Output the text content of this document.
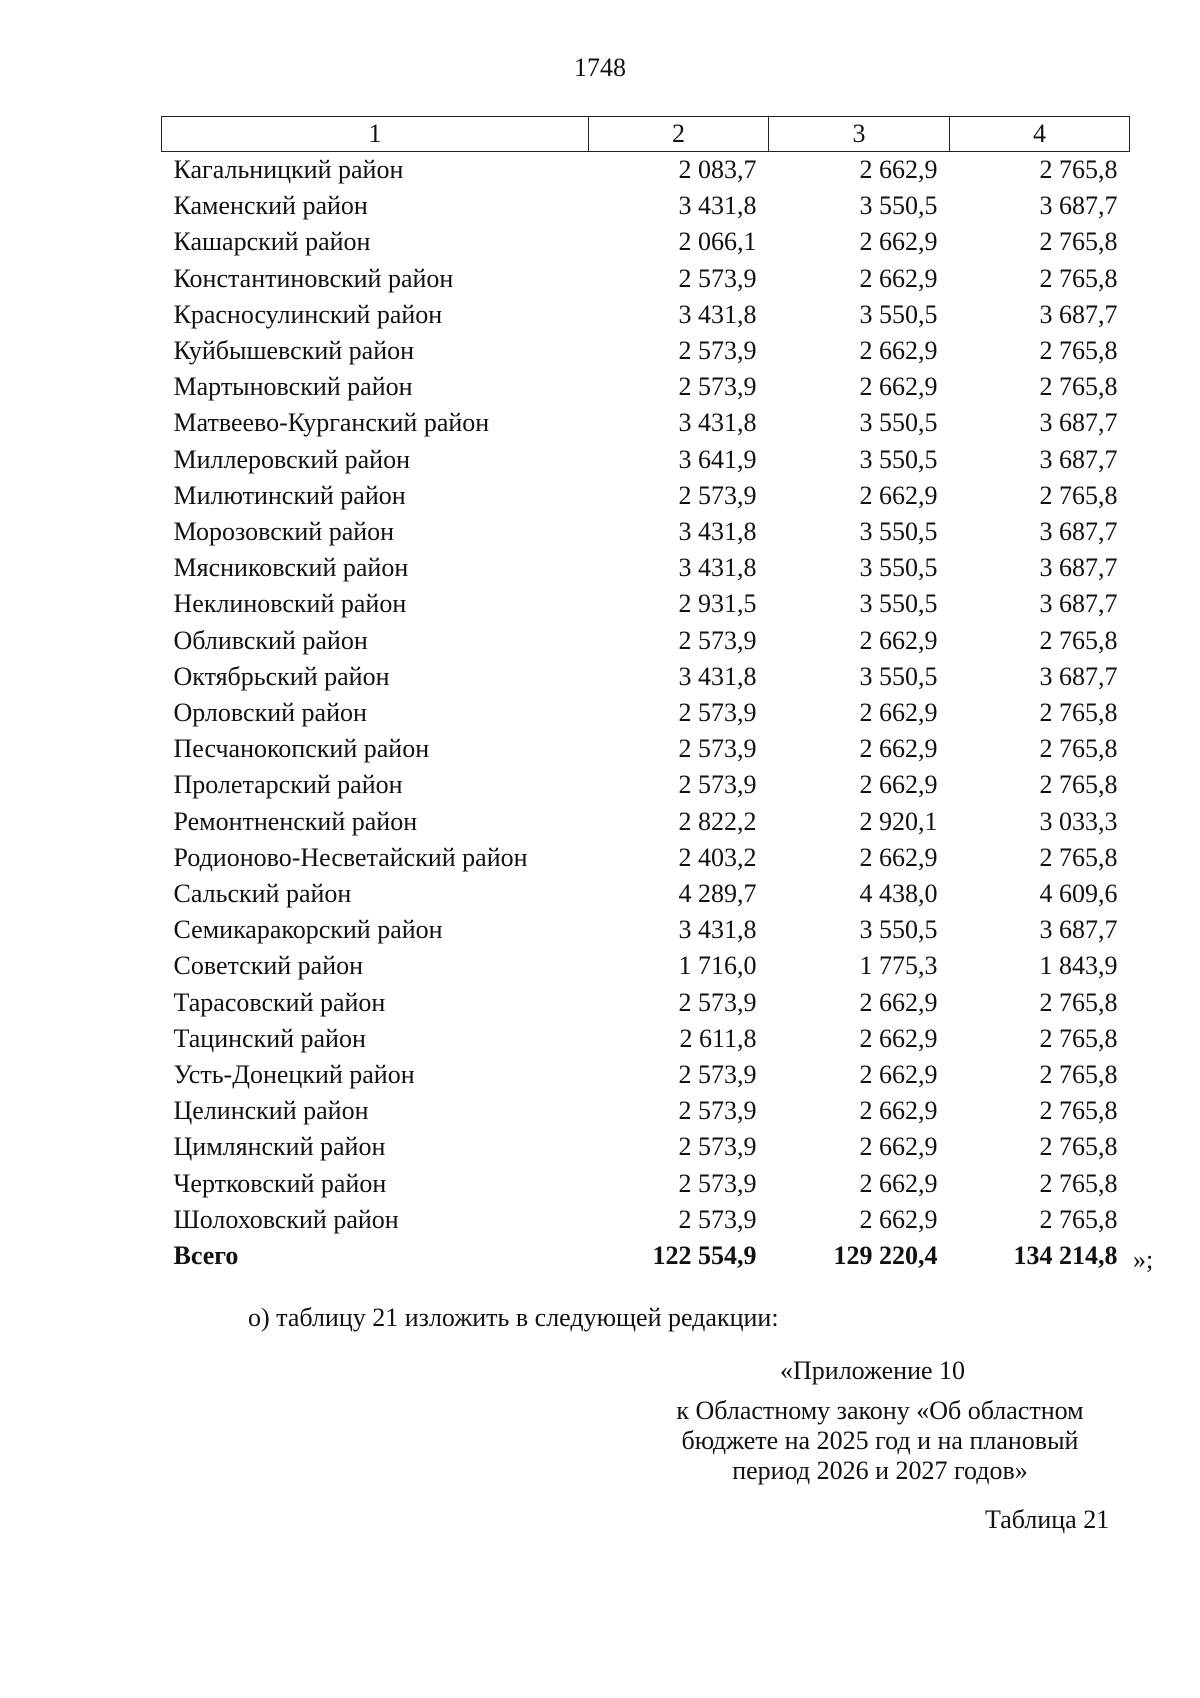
1748
1	2	3	4
Кагальницкий район	2 083,7	2 662,9	2 765,8
Каменский район	3 431,8	3 550,5	3 687,7
Кашарский район	2 066,1	2 662,9	2 765,8
Константиновский район	2 573,9	2 662,9	2 765,8
Красносулинский район	3 431,8	3 550,5	3 687,7
Куйбышевский район	2 573,9	2 662,9	2 765,8
Мартыновский район	2 573,9	2 662,9	2 765,8
Матвеево-Курганский район	3 431,8	3 550,5	3 687,7
Миллеровский район	3 641,9	3 550,5	3 687,7
Милютинский район	2 573,9	2 662,9	2 765,8
Морозовский район	3 431,8	3 550,5	3 687,7
Мясниковский район	3 431,8	3 550,5	3 687,7
Неклиновский район	2 931,5	3 550,5	3 687,7
Обливский район	2 573,9	2 662,9	2 765,8
Октябрьский район	3 431,8	3 550,5	3 687,7
Орловский район	2 573,9	2 662,9	2 765,8
Песчанокопский район	2 573,9	2 662,9	2 765,8
Пролетарский район	2 573,9	2 662,9	2 765,8
Ремонтненский район	2 822,2	2 920,1	3 033,3
Родионово-Несветайский район	2 403,2	2 662,9	2 765,8
Сальский район	4 289,7	4 438,0	4 609,6
Семикаракорский район	3 431,8	3 550,5	3 687,7
Советский район	1 716,0	1 775,3	1 843,9
Тарасовский район	2 573,9	2 662,9	2 765,8
Тацинский район	2 611,8	2 662,9	2 765,8
Усть-Донецкий район	2 573,9	2 662,9	2 765,8
Целинский район	2 573,9	2 662,9	2 765,8
Цимлянский район	2 573,9	2 662,9	2 765,8
Чертковский район	2 573,9	2 662,9	2 765,8
Шолоховский район	2 573,9	2 662,9	2 765,8
Всего	122 554,9	129 220,4	134 214,8 »;
о) таблицу 21 изложить в следующей редакции:
«Приложение 10
к Областному закону «Об областном
бюджете на 2025 год и на плановый
период 2026 и 2027 годов»
Таблица 21
